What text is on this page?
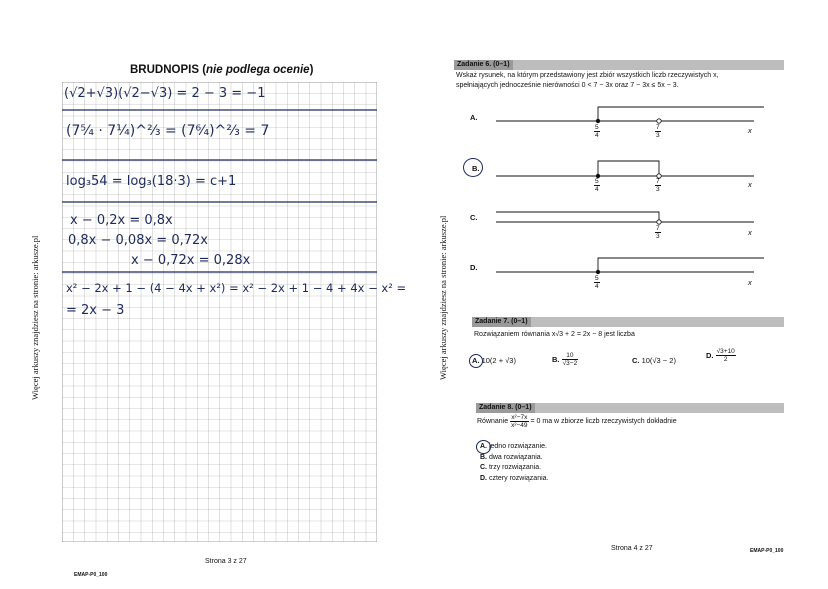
Więcej arkuszy znajdziesz na stronie: arkusze.pl
BRUDNOPIS (nie podlega ocenie)
(√2+√3)(√2−√3) = 2 − 3 = −1
(7⁵⁄₄ · 7¼)^⅔ = (7⁶⁄₄)^⅔ = 7
log₃54 = log₃(18·3) = c+1
x − 0,2x = 0,8x
0,8x − 0,08x = 0,72x
x − 0,72x = 0,28x
x² − 2x + 1 − (4 − 4x + x²) = x² − 2x + 1 − 4 + 4x − x² =
= 2x − 3
Strona 3 z 27
EMAP-P0_100
Więcej arkuszy znajdziesz na stronie: arkusze.pl
Zadanie 6. (0–1)
Wskaż rysunek, na którym przedstawiony jest zbiór wszystkich liczb rzeczywistych x,
spełniających jednocześnie nierówności 0 < 7 − 3x oraz 7 − 3x ≤ 5x − 3.
A.
B.
C.
D.
$\frac{5}{4}$	$\frac{7}{3}$	x
$\frac{5}{4}$	$\frac{7}{3}$	x
$\frac{7}{3}$	x
$\frac{5}{4}$	x
Zadanie 7. (0–1)
Rozwiązaniem równania x√3 + 2 = 2x − 8 jest liczba
A. 10(2 + √3)	B. $\frac{10}{√3-2}$	C. 10(√3 − 2)
D. $\frac{√3+10}{2}$
Zadanie 8. (0–1)
Równanie $\frac{\text{x²−7x}}{\text{x²−49}} = 0$ ma w zbiorze liczb rzeczywistych dokładnie
A. jedno rozwiązanie.
B. dwa rozwiązania.
C. trzy rozwiązania.
D. cztery rozwiązania.
Strona 4 z 27	EMAP-P0_100
